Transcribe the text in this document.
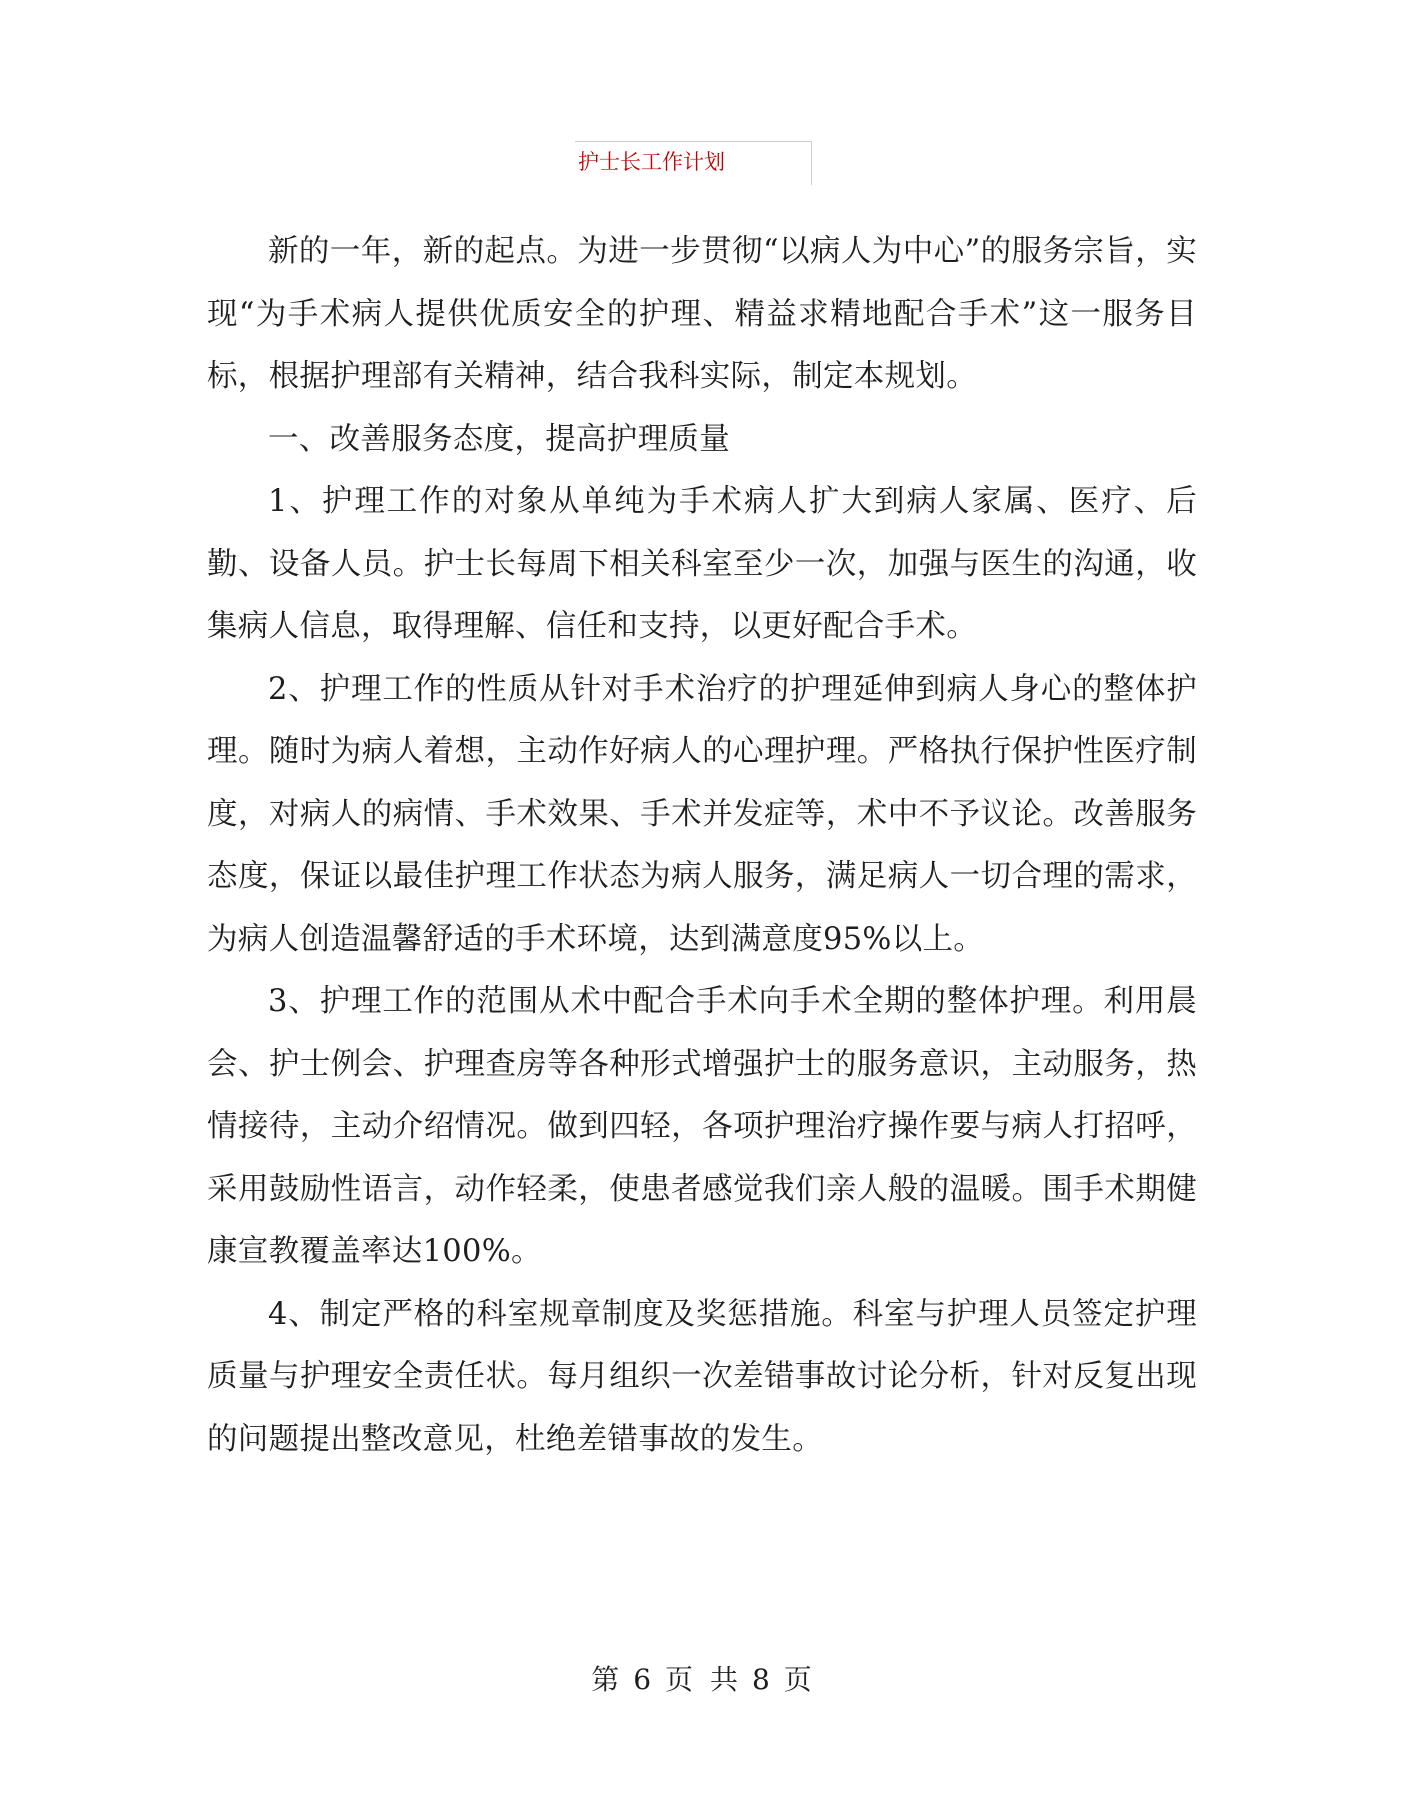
护士长工作计划

新的一年，新的起点。为进一步贯彻“以病人为中心”的服务宗旨，实现“为手术病人提供优质安全的护理、精益求精地配合手术”这一服务目标，根据护理部有关精神，结合我科实际，制定本规划。

一、改善服务态度，提高护理质量

1、护理工作的对象从单纯为手术病人扩大到病人家属、医疗、后勤、设备人员。护士长每周下相关科室至少一次，加强与医生的沟通，收集病人信息，取得理解、信任和支持，以更好配合手术。

2、护理工作的性质从针对手术治疗的护理延伸到病人身心的整体护理。随时为病人着想，主动作好病人的心理护理。严格执行保护性医疗制度，对病人的病情、手术效果、手术并发症等，术中不予议论。改善服务态度，保证以最佳护理工作状态为病人服务，满足病人一切合理的需求，为病人创造温馨舒适的手术环境，达到满意度95%以上。

3、护理工作的范围从术中配合手术向手术全期的整体护理。利用晨会、护士例会、护理查房等各种形式增强护士的服务意识，主动服务，热情接待，主动介绍情况。做到四轻，各项护理治疗操作要与病人打招呼，采用鼓励性语言，动作轻柔，使患者感觉我们亲人般的温暖。围手术期健康宣教覆盖率达100%。

4、制定严格的科室规章制度及奖惩措施。科室与护理人员签定护理质量与护理安全责任状。每月组织一次差错事故讨论分析，针对反复出现的问题提出整改意见，杜绝差错事故的发生。

第 6 页 共 8 页
